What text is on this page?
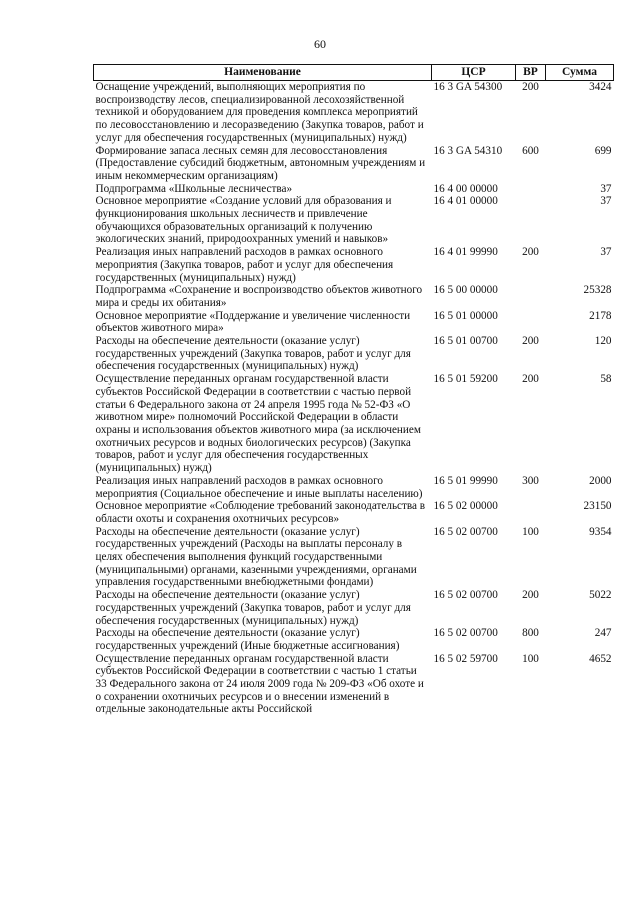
60
Наименование	ЦСР	ВР	Сумма
Оснащение учреждений, выполняющих мероприятия по воспроизводству лесов, специализированной лесохозяйственной техникой и оборудованием для проведения комплекса мероприятий по лесовосстановлению и лесоразведению (Закупка товаров, работ и услуг для обеспечения государственных (муниципальных) нужд)	16 3 GA 54300	200	3424
Формирование запаса лесных семян для лесовосстановления (Предоставление субсидий бюджетным, автономным учреждениям и иным некоммерческим организациям)	16 3 GA 54310	600	699
Подпрограмма «Школьные лесничества»	16 4 00 00000		37
Основное мероприятие «Создание условий для образования и функционирования школьных лесничеств и привлечение обучающихся образовательных организаций к получению экологических знаний, природоохранных умений и навыков»	16 4 01 00000		37
Реализация иных направлений расходов в рамках основного мероприятия (Закупка товаров, работ и услуг для обеспечения государственных (муниципальных) нужд)	16 4 01 99990	200	37
Подпрограмма «Сохранение и воспроизводство объектов животного мира и среды их обитания»	16 5 00 00000		25328
Основное мероприятие «Поддержание и увеличение численности объектов животного мира»	16 5 01 00000		2178
Расходы на обеспечение деятельности (оказание услуг) государственных учреждений (Закупка товаров, работ и услуг для обеспечения государственных (муниципальных) нужд)	16 5 01 00700	200	120
Осуществление переданных органам государственной власти субъектов Российской Федерации в соответствии с частью первой статьи 6 Федерального закона от 24 апреля 1995 года № 52-ФЗ «О животном мире» полномочий Российской Федерации в области охраны и использования объектов животного мира (за исключением охотничьих ресурсов и водных биологических ресурсов) (Закупка товаров, работ и услуг для обеспечения государственных (муниципальных) нужд)	16 5 01 59200	200	58
Реализация иных направлений расходов в рамках основного мероприятия (Социальное обеспечение и иные выплаты населению)	16 5 01 99990	300	2000
Основное мероприятие «Соблюдение требований законодательства в области охоты и сохранения охотничьих ресурсов»	16 5 02 00000		23150
Расходы на обеспечение деятельности (оказание услуг) государственных учреждений (Расходы на выплаты персоналу в целях обеспечения выполнения функций государственными (муниципальными) органами, казенными учреждениями, органами управления государственными внебюджетными фондами)	16 5 02 00700	100	9354
Расходы на обеспечение деятельности (оказание услуг) государственных учреждений (Закупка товаров, работ и услуг для обеспечения государственных (муниципальных) нужд)	16 5 02 00700	200	5022
Расходы на обеспечение деятельности (оказание услуг) государственных учреждений (Иные бюджетные ассигнования)	16 5 02 00700	800	247
Осуществление переданных органам государственной власти субъектов Российской Федерации в соответствии с частью 1 статьи 33 Федерального закона от 24 июля 2009 года № 209-ФЗ «Об охоте и о сохранении охотничьих ресурсов и о внесении изменений в отдельные законодательные акты Российской	16 5 02 59700	100	4652
